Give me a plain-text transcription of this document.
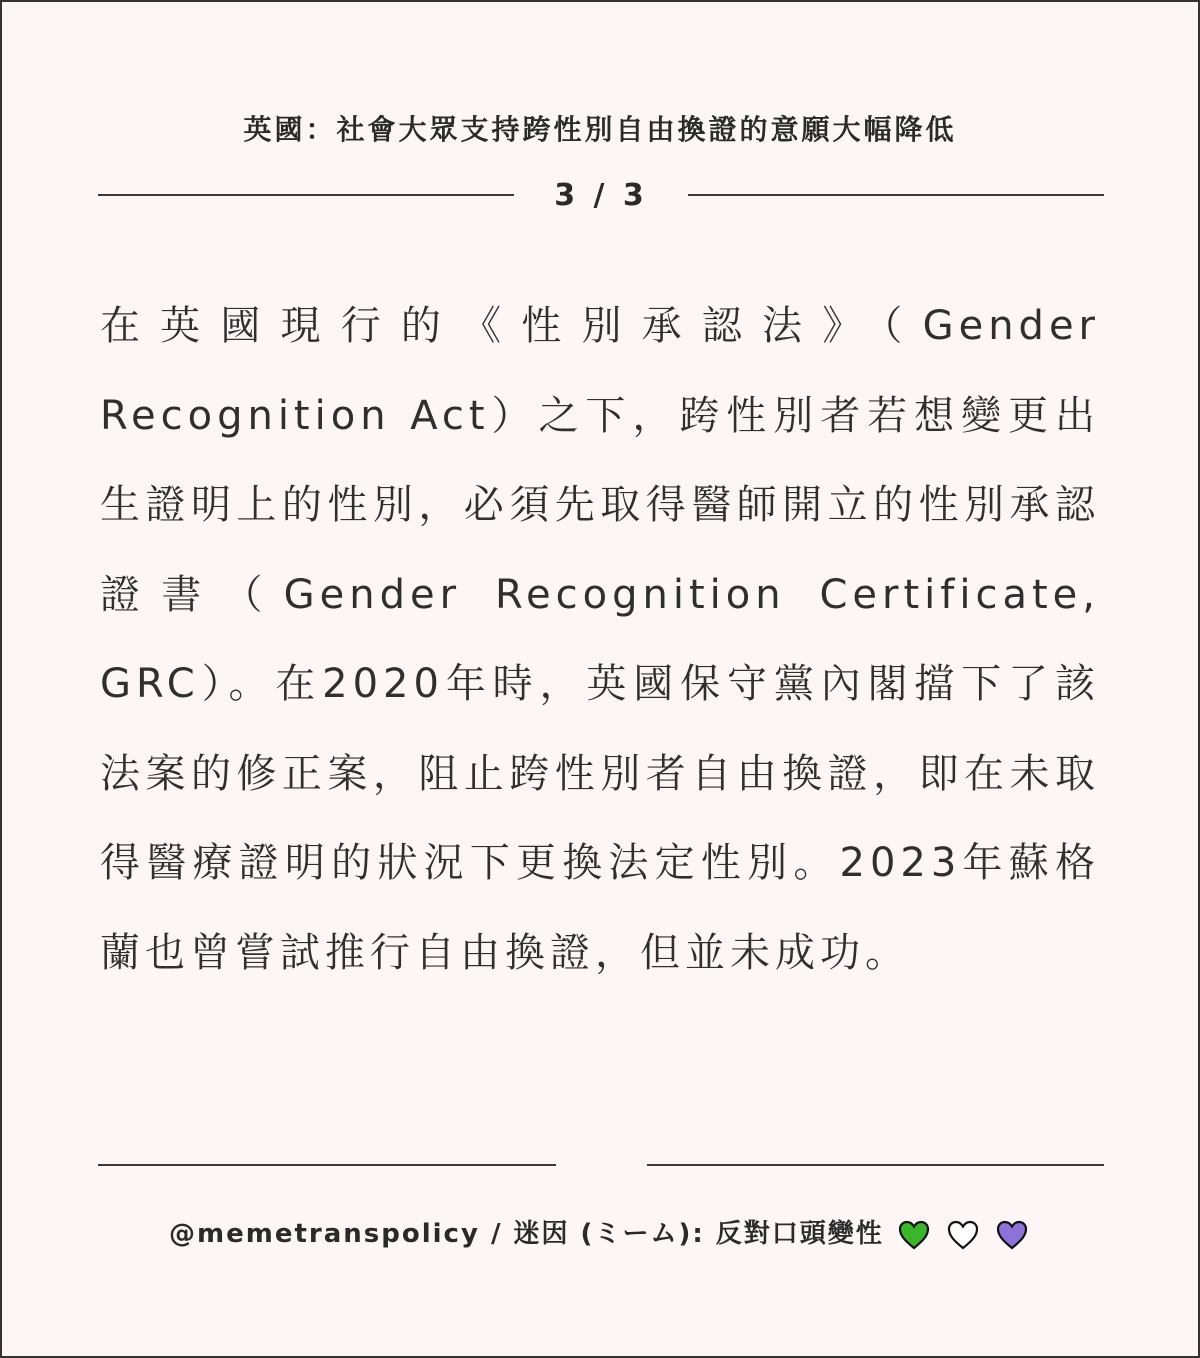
英國：社會大眾支持跨性別自由換證的意願大幅降低
3 / 3

在英國現行的《性別承認法》（Gender Recognition Act）之下，跨性別者若想變更出生證明上的性別，必須先取得醫師開立的性別承認證書（Gender Recognition Certificate, GRC）。在2020年時，英國保守黨內閣擋下了該法案的修正案，阻止跨性別者自由換證，即在未取得醫療證明的狀況下更換法定性別。2023年蘇格蘭也曾嘗試推行自由換證，但並未成功。

@memetranspolicy / 迷因 (ミーム): 反對口頭變性
